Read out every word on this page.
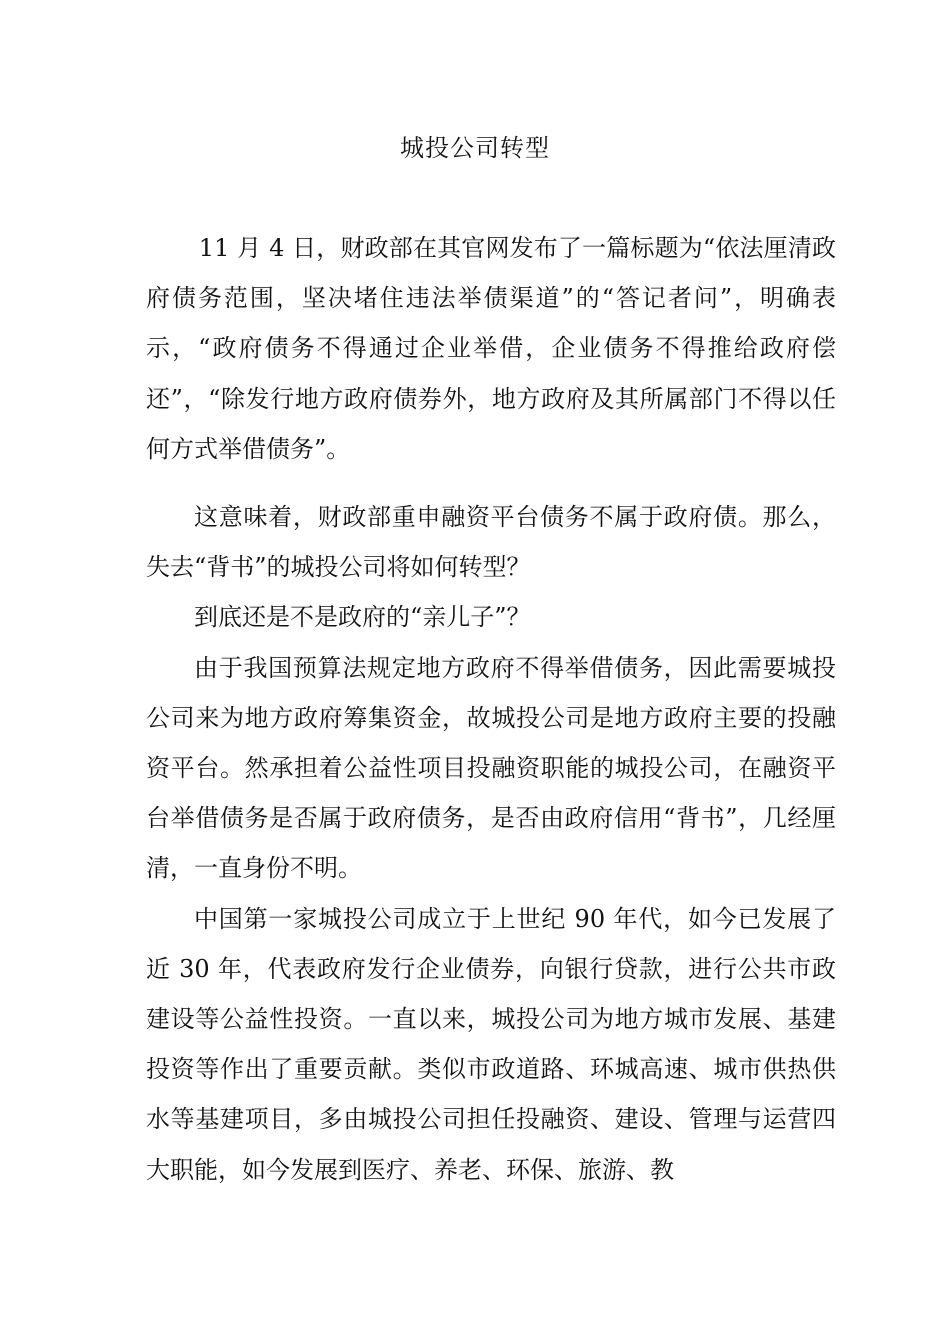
城投公司转型

11 月 4 日，财政部在其官网发布了一篇标题为“依法厘清政府债务范围，坚决堵住违法举债渠道”的“答记者问”，明确表示，“政府债务不得通过企业举借，企业债务不得推给政府偿还”，“除发行地方政府债券外，地方政府及其所属部门不得以任何方式举借债务”。

这意味着，财政部重申融资平台债务不属于政府债。那么，失去“背书”的城投公司将如何转型？

到底还是不是政府的“亲儿子”？

由于我国预算法规定地方政府不得举借债务，因此需要城投公司来为地方政府筹集资金，故城投公司是地方政府主要的投融资平台。然承担着公益性项目投融资职能的城投公司，在融资平台举借债务是否属于政府债务，是否由政府信用“背书”，几经厘清，一直身份不明。

中国第一家城投公司成立于上世纪 90 年代，如今已发展了近 30 年，代表政府发行企业债券，向银行贷款，进行公共市政建设等公益性投资。一直以来，城投公司为地方城市发展、基建投资等作出了重要贡献。类似市政道路、环城高速、城市供热供水等基建项目，多由城投公司担任投融资、建设、管理与运营四大职能，如今发展到医疗、养老、环保、旅游、教
